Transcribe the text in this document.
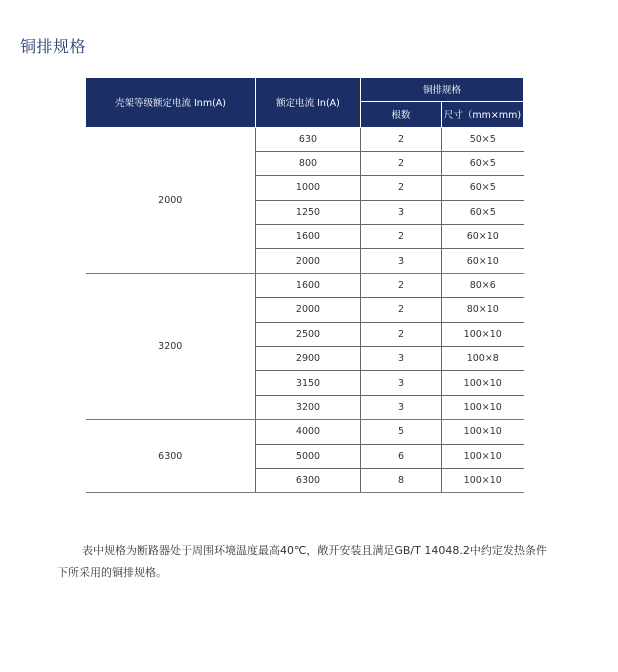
铜排规格
壳架等级额定电流 Inm(A)	额定电流 In(A)	铜排规格	
		根数	尺寸（mm×mm)
2000	630	2	50×5
	800	2	60×5
	1000	2	60×5
	1250	3	60×5
	1600	2	60×10
	2000	3	60×10
3200	1600	2	80×6
	2000	2	80×10
	2500	2	100×10
	2900	3	100×8
	3150	3	100×10
	3200	3	100×10
6300	4000	5	100×10
	5000	6	100×10
	6300	8	100×10

表中规格为断路器处于周围环境温度最高40℃，敞开安装且满足GB/T 14048.2中约定发热条件下所采用的铜排规格。
